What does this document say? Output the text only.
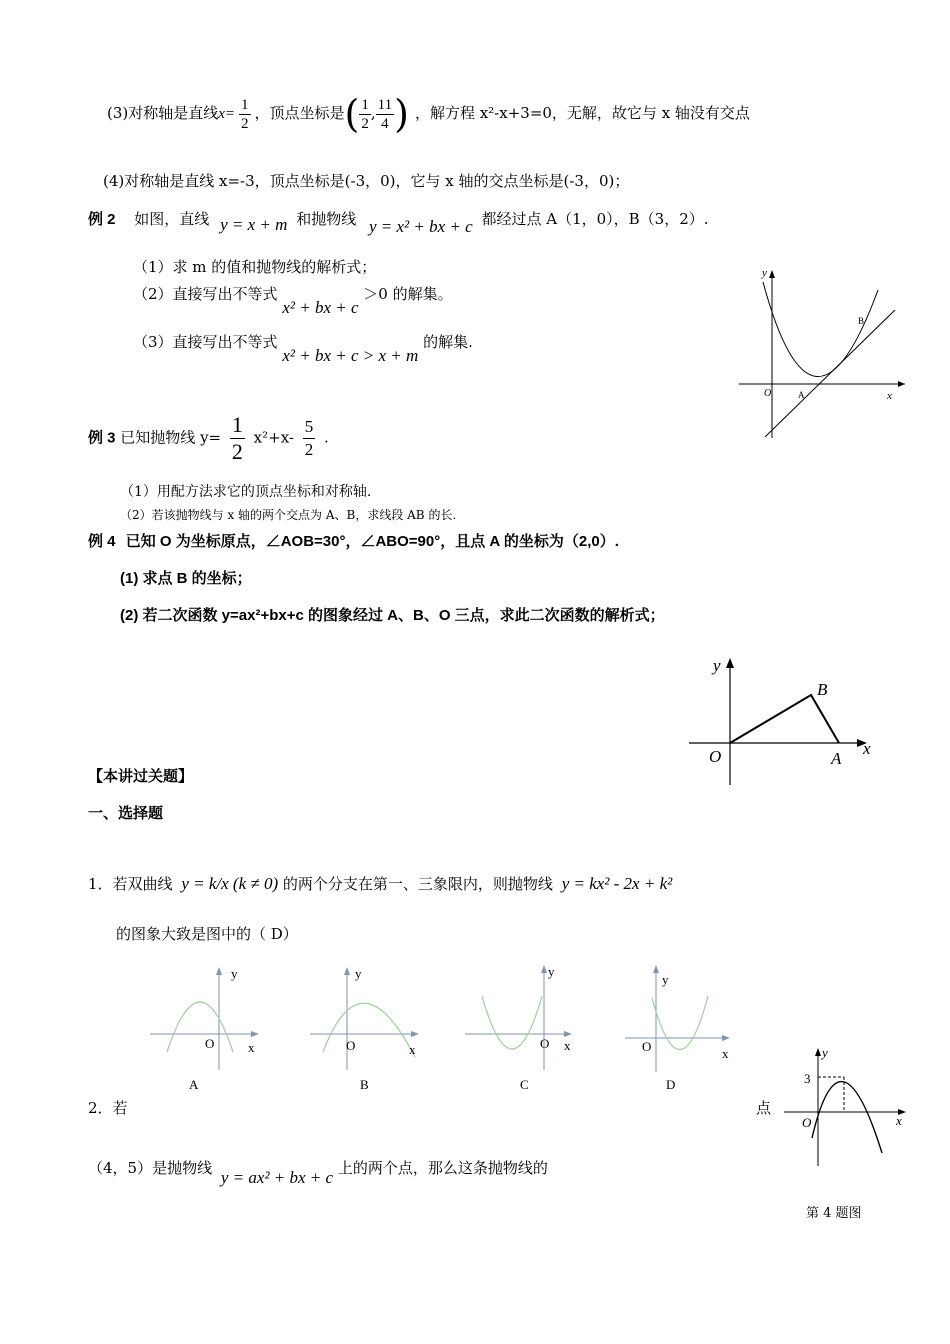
(3)对称轴是直线$x= \frac{1}{2}$ ，顶点坐标是( $\frac{1}{2}$ , $\frac{11}{4}$ ) ，解方程 x²-x+3=0，无解，故它与 x 轴没有交点
(4)对称轴是直线 x=-3，顶点坐标是(-3，0)，它与 x 轴的交点坐标是(-3，0)；
例 2 如图，直线 y = x + m 和抛物线 y = x² + bx + c 都经过点 A（1，0），B（3，2）.
（1）求 m 的值和抛物线的解析式；
（2）直接写出不等式 x² + bx + c ＞0 的解集。
（3）直接写出不等式 x² + bx + c > x + m 的解集.
y
x
O	A
B
例 3 已知抛物线 $y= \frac{1}{2} x^2+x- \frac{5}{2}$ .
（1）用配方法求它的顶点坐标和对称轴.
（2）若该抛物线与 x 轴的两个交点为 A、B，求线段 AB 的长.
例 4 已知 O 为坐标原点，∠AOB=30°，∠ABO=90°，且点 A 的坐标为（2,0）.
(1) 求点 B 的坐标；
(2) 若二次函数 y=ax²+bx+c 的图象经过 A、B、O 三点，求此二次函数的解析式；
y
x
O	A
B
【本讲过关题】
一、选择题
1．若双曲线 y = k/x (k ≠ 0) 的两个分支在第一、三象限内，则抛物线 y = kx² - 2x + k²
的图象大致是图中的（ D）
y
O	x
A
y
O	x
B
y
O x
C
y
O	x
D
2．若	点
（4，5）是抛物线 y = ax² + bx + c 上的两个点，那么这条抛物线的
y
x
O
3
第 4 题图
